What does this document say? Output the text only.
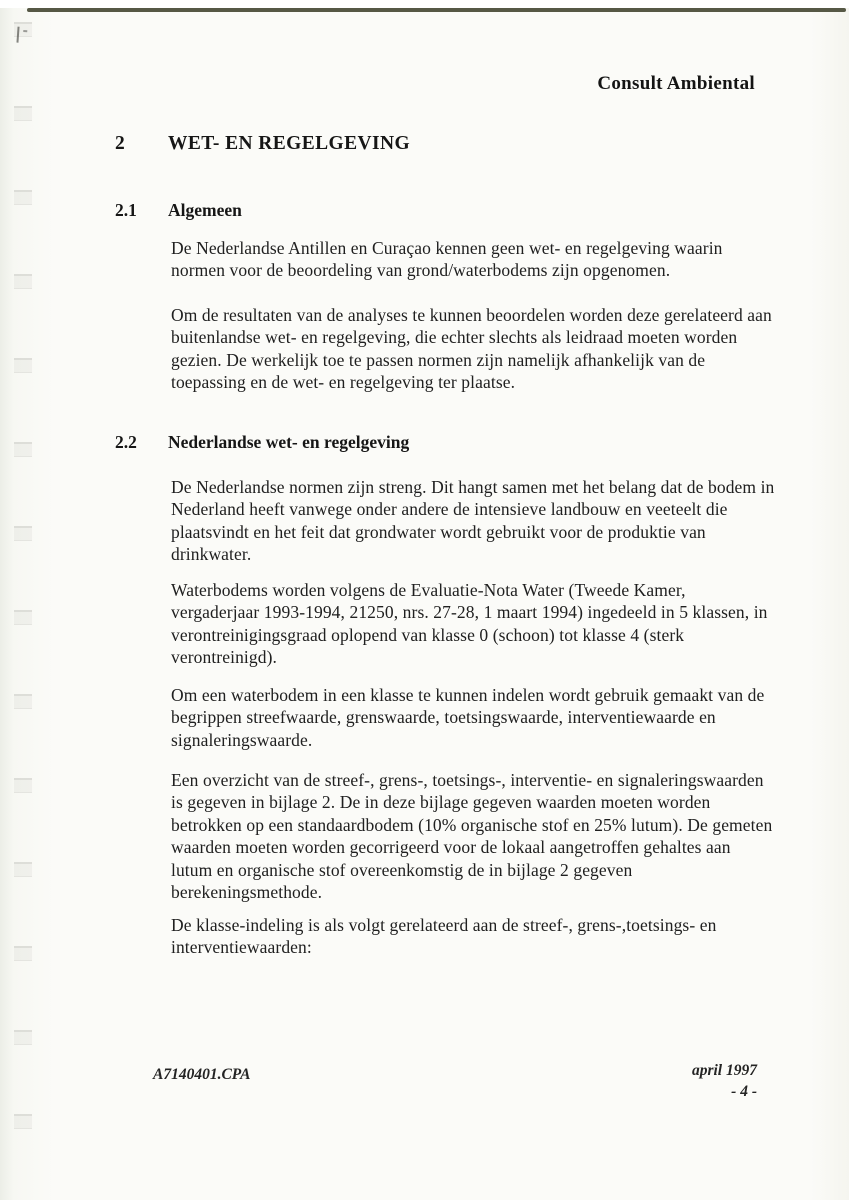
Consult Ambiental
2	WET- EN REGELGEVING
2.1	Algemeen

De Nederlandse Antillen en Curaçao kennen geen wet- en regelgeving waarin normen voor de beoordeling van grond/waterbodems zijn opgenomen.

Om de resultaten van de analyses te kunnen beoordelen worden deze gerelateerd aan buitenlandse wet- en regelgeving, die echter slechts als leidraad moeten worden gezien. De werkelijk toe te passen normen zijn namelijk afhankelijk van de toepassing en de wet- en regelgeving ter plaatse.

2.2	Nederlandse wet- en regelgeving

De Nederlandse normen zijn streng. Dit hangt samen met het belang dat de bodem in Nederland heeft vanwege onder andere de intensieve landbouw en veeteelt die plaatsvindt en het feit dat grondwater wordt gebruikt voor de produktie van drinkwater.

Waterbodems worden volgens de Evaluatie-Nota Water (Tweede Kamer, vergaderjaar 1993-1994, 21250, nrs. 27-28, 1 maart 1994) ingedeeld in 5 klassen, in verontreinigingsgraad oplopend van klasse 0 (schoon) tot klasse 4 (sterk verontreinigd).

Om een waterbodem in een klasse te kunnen indelen wordt gebruik gemaakt van de begrippen streefwaarde, grenswaarde, toetsingswaarde, interventiewaarde en signaleringswaarde.

Een overzicht van de streef-, grens-, toetsings-, interventie- en signaleringswaarden is gegeven in bijlage 2. De in deze bijlage gegeven waarden moeten worden betrokken op een standaardbodem (10% organische stof en 25% lutum). De gemeten waarden moeten worden gecorrigeerd voor de lokaal aangetroffen gehaltes aan lutum en organische stof overeenkomstig de in bijlage 2 gegeven berekeningsmethode.

De klasse-indeling is als volgt gerelateerd aan de streef-, grens-,toetsings- en interventiewaarden:

A7140401.CPA	april 1997
- 4 -
